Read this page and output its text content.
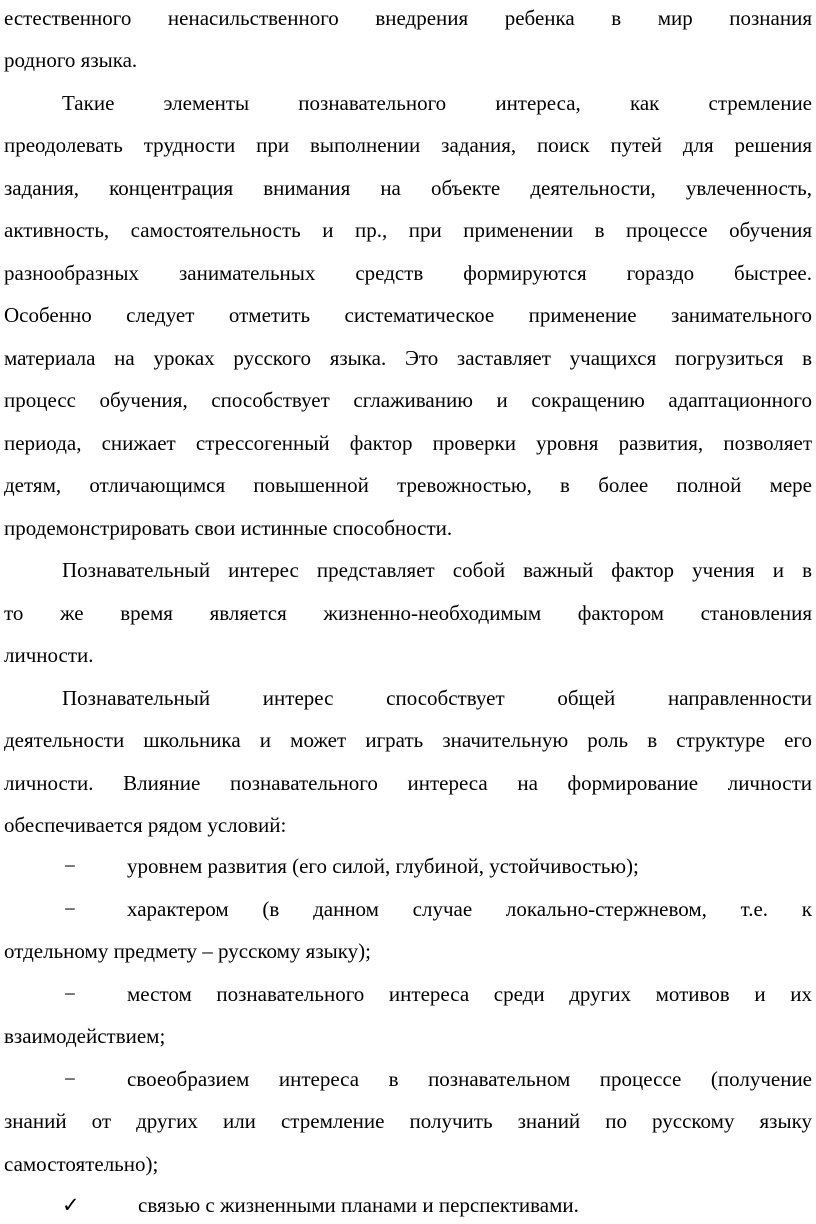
естественного ненасильственного внедрения ребенка в мир познания
родного языка.
Такие элементы познавательного интереса, как стремление
преодолевать трудности при выполнении задания, поиск путей для решения
задания, концентрация внимания на объекте деятельности, увлеченность,
активность, самостоятельность и пр., при применении в процессе обучения
разнообразных занимательных средств формируются гораздо быстрее.
Особенно следует отметить систематическое применение занимательного
материала на уроках русского языка. Это заставляет учащихся погрузиться в
процесс обучения, способствует сглаживанию и сокращению адаптационного
периода, снижает стрессогенный фактор проверки уровня развития, позволяет
детям, отличающимся повышенной тревожностью, в более полной мере
продемонстрировать свои истинные способности.
Познавательный интерес представляет собой важный фактор учения и в
то же время является жизненно-необходимым фактором становления
личности.
Познавательный интерес способствует общей направленности
деятельности школьника и может играть значительную роль в структуре его
личности. Влияние познавательного интереса на формирование личности
обеспечивается рядом условий:
− уровнем развития (его силой, глубиной, устойчивостью);
− характером (в данном случае локально-стержневом, т.е. к
отдельному предмету – русскому языку);
− местом познавательного интереса среди других мотивов и их
взаимодействием;
− своеобразием интереса в познавательном процессе (получение
знаний от других или стремление получить знаний по русскому языку
самостоятельно);
✓	связью с жизненными планами и перспективами.
